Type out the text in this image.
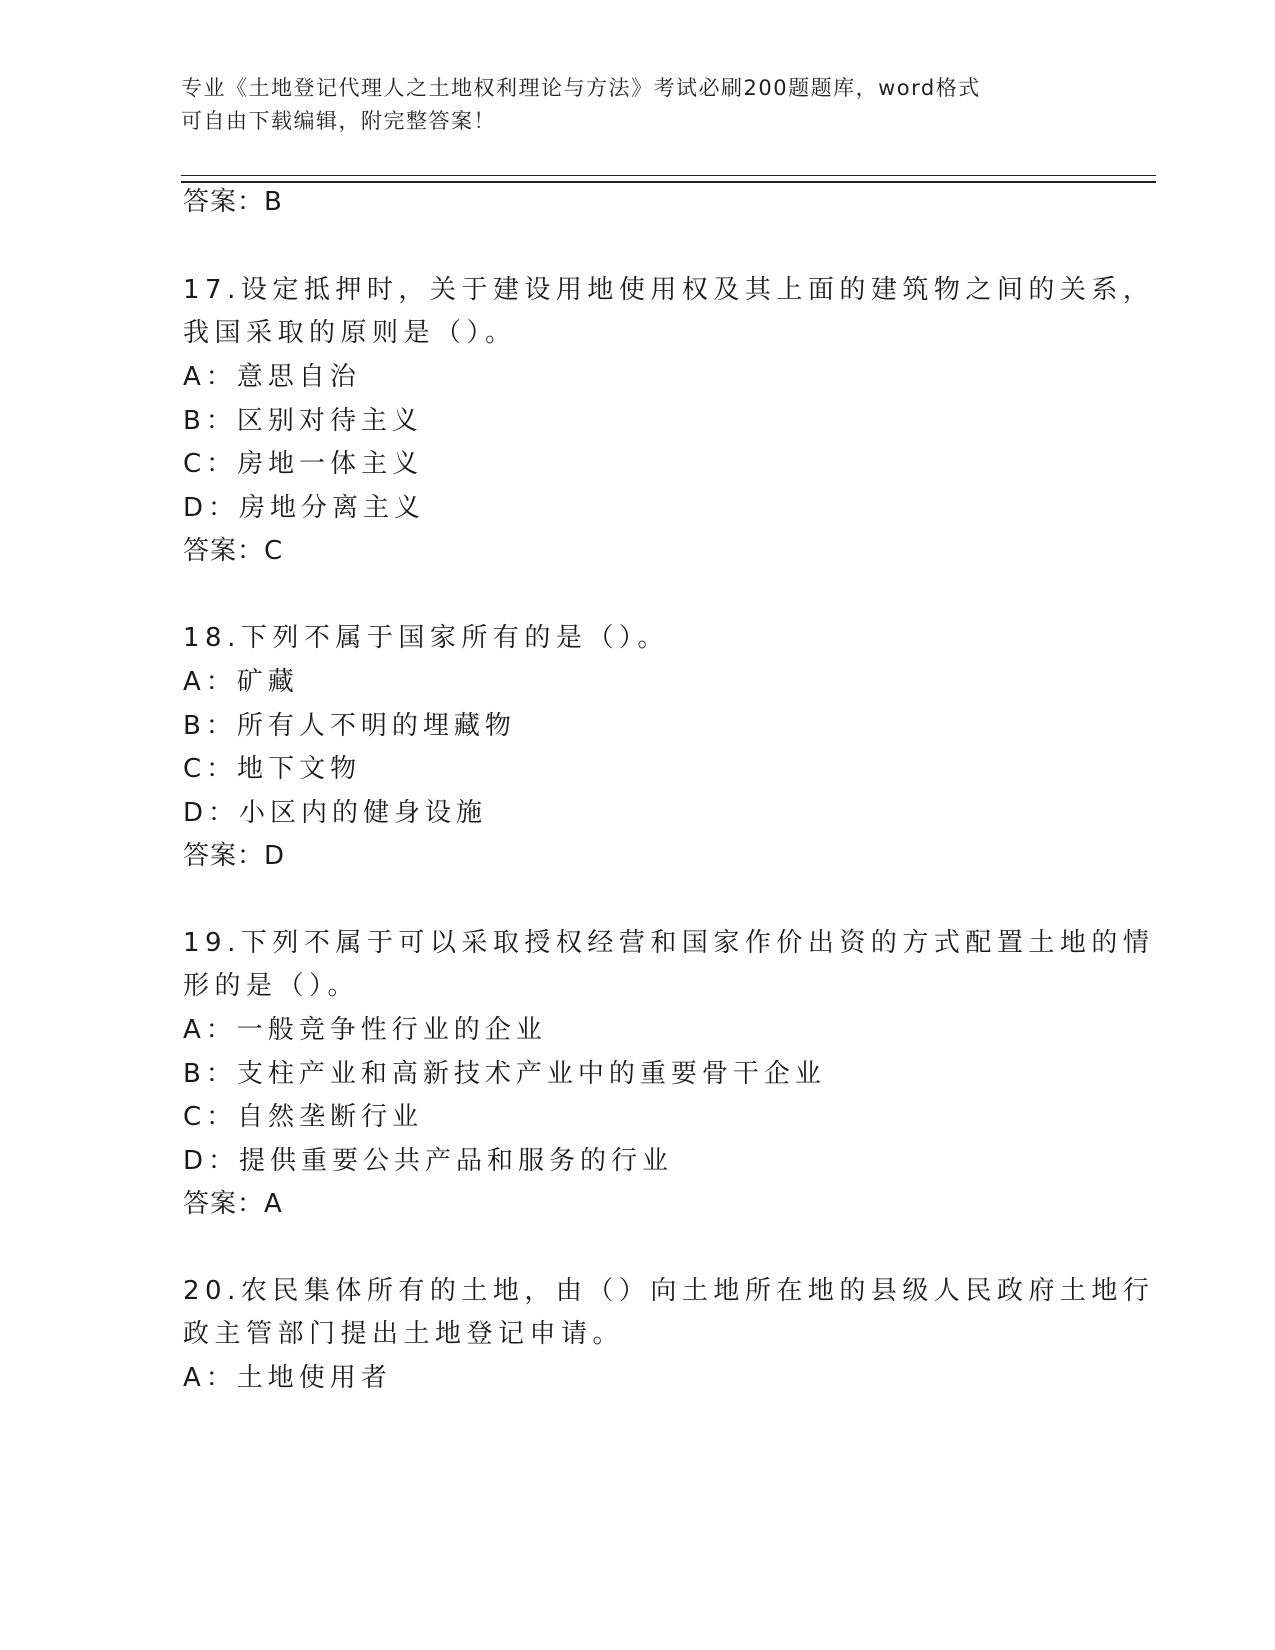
专业《土地登记代理人之土地权利理论与方法》考试必刷200题题库，word格式
可自由下载编辑，附完整答案！
答案：B
17.设定抵押时，关于建设用地使用权及其上面的建筑物之间的关系，
我国采取的原则是（）。
A：意思自治
B：区别对待主义
C：房地一体主义
D：房地分离主义
答案：C
18.下列不属于国家所有的是（）。
A：矿藏
B：所有人不明的埋藏物
C：地下文物
D：小区内的健身设施
答案：D
19.下列不属于可以采取授权经营和国家作价出资的方式配置土地的情
形的是（）。
A：一般竞争性行业的企业
B：支柱产业和高新技术产业中的重要骨干企业
C：自然垄断行业
D：提供重要公共产品和服务的行业
答案：A
20.农民集体所有的土地，由（）向土地所在地的县级人民政府土地行
政主管部门提出土地登记申请。
A：土地使用者
